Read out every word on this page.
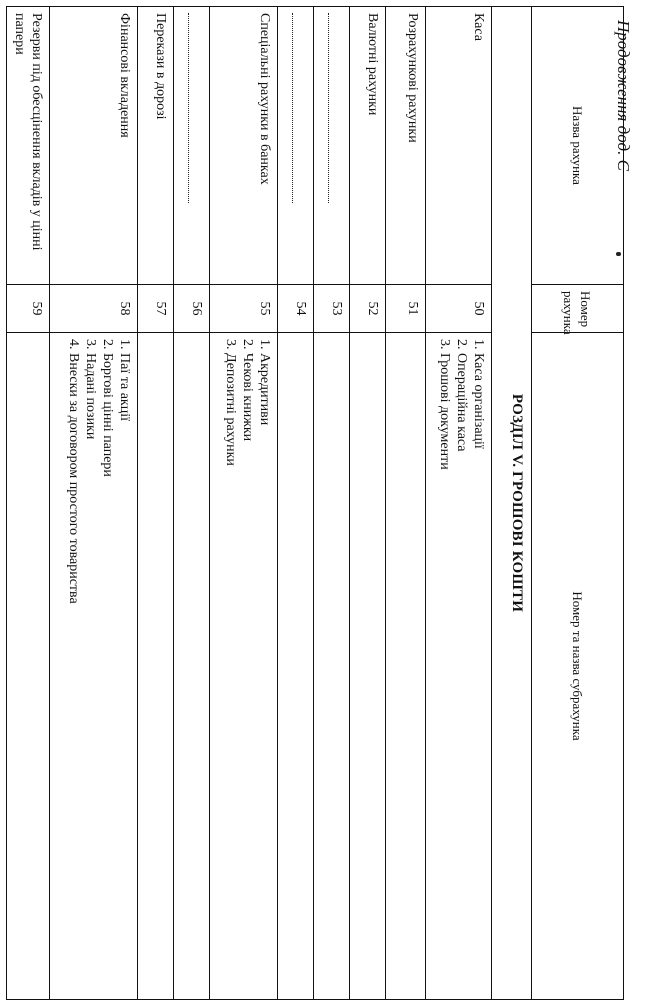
Продовження дод. Є
Назва рахунка	Номер рахунка	Номер та назва субрахунка
РОЗДІЛ V. ГРОШОВІ КОШТИ		
Каса	50	1. Каса організації
2. Операційна каса
3. Грошові документи

Розрахункові рахунки	51	
Валютні рахунки	52	

	53	

	54	
Спеціальні рахунки в банках	55	1. Акредитиви
2. Чекові книжки
3. Депозитні рахунки

	56	
Перекази в дорозі	57	
Фінансові вкладення	58	1. Паї та акції
2. Боргові цінні папери
3. Надані позики
4. Внески за договором простого товариства

Резерви під обесцінення вкладів у цінні папери	59	
